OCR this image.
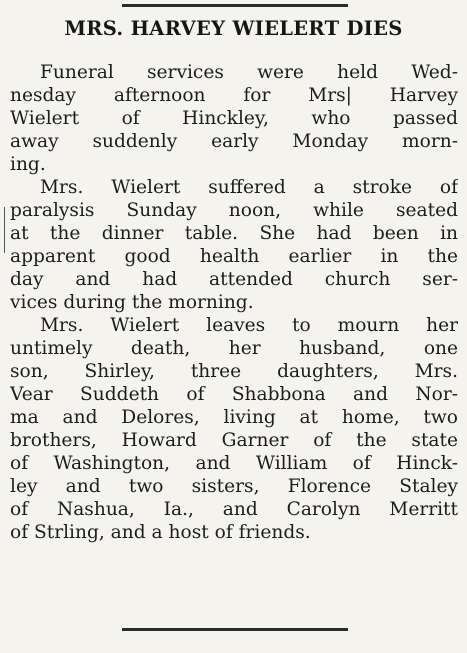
MRS. HARVEY WIELERT DIES
Funeral services were held Wed-
nesday afternoon for Mrs| Harvey
Wielert of Hinckley, who passed
away suddenly early Monday morn-
ing.
Mrs. Wielert suffered a stroke of
paralysis Sunday noon, while seated
at the dinner table. She had been in
apparent good health earlier in the
day and had attended church ser-
vices during the morning.
Mrs. Wielert leaves to mourn her
untimely death, her husband, one
son, Shirley, three daughters, Mrs.
Vear Suddeth of Shabbona and Nor-
ma and Delores, living at home, two
brothers, Howard Garner of the state
of Washington, and William of Hinck-
ley and two sisters, Florence Staley
of Nashua, Ia., and Carolyn Merritt
of Strling, and a host of friends.
